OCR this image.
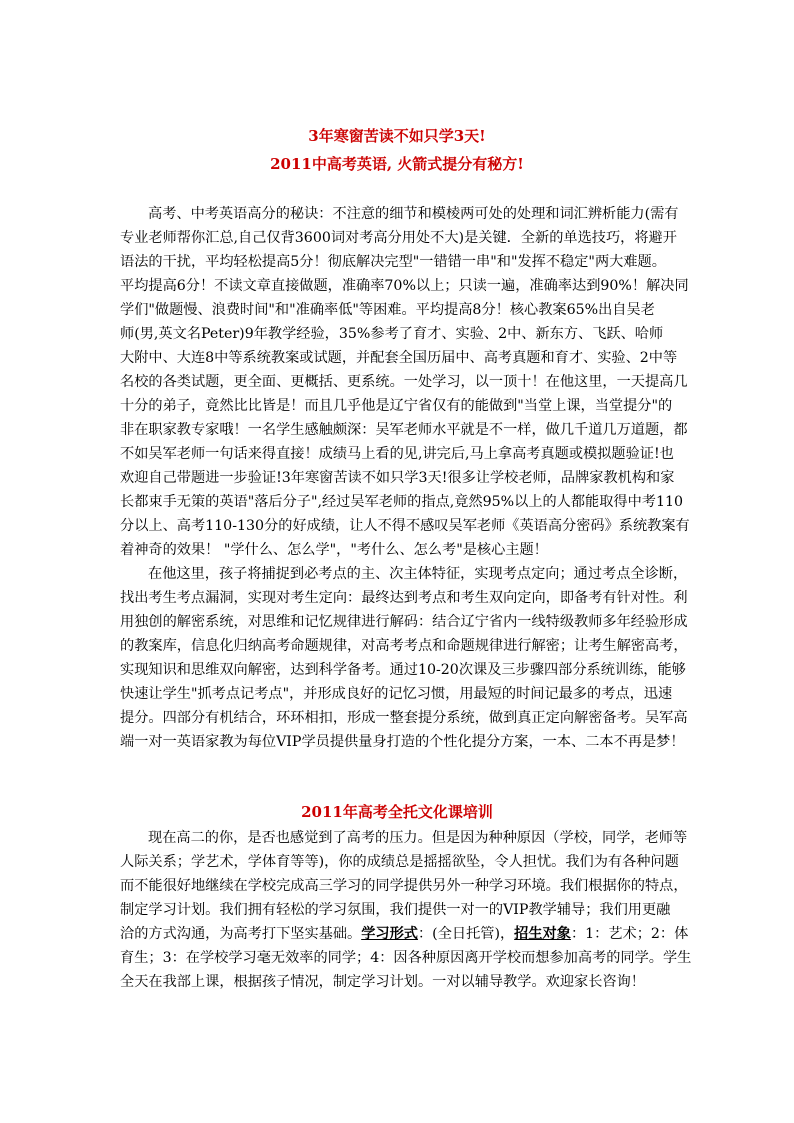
3年寒窗苦读不如只学3天!
2011中高考英语, 火箭式提分有秘方!
高考、中考英语高分的秘诀：不注意的细节和模棱两可处的处理和词汇辨析能力(需有
专业老师帮你汇总,自己仅背3600词对考高分用处不大)是关键．全新的单选技巧，将避开
语法的干扰，平均轻松提高5分！彻底解决完型"一错错一串"和"发挥不稳定"两大难题。
平均提高6分！不读文章直接做题，准确率70%以上；只读一遍，准确率达到90%！解决同
学们"做题慢、浪费时间"和"准确率低"等困难。平均提高8分！核心教案65%出自吴老
师(男,英文名Peter)9年教学经验，35%参考了育才、实验、2中、新东方、飞跃、哈师
大附中、大连8中等系统教案或试题，并配套全国历届中、高考真题和育才、实验、2中等
名校的各类试题，更全面、更概括、更系统。一处学习，以一顶十！在他这里，一天提高几
十分的弟子，竟然比比皆是！而且几乎他是辽宁省仅有的能做到"当堂上课，当堂提分"的
非在职家教专家哦！一名学生感触颇深：吴军老师水平就是不一样，做几千道几万道题，都
不如吴军老师一句话来得直接！成绩马上看的见,讲完后,马上拿高考真题或模拟题验证!也
欢迎自己带题进一步验证!3年寒窗苦读不如只学3天!很多让学校老师，品牌家教机构和家
长都束手无策的英语"落后分子",经过吴军老师的指点,竟然95%以上的人都能取得中考110
分以上、高考110-130分的好成绩，让人不得不感叹吴军老师《英语高分密码》系统教案有
着神奇的效果！ "学什么、怎么学"，"考什么、怎么考"是核心主题！
在他这里，孩子将捕捉到必考点的主、次主体特征，实现考点定向；通过考点全诊断，
找出考生考点漏洞，实现对考生定向：最终达到考点和考生双向定向，即备考有针对性。利
用独创的解密系统，对思维和记忆规律进行解码：结合辽宁省内一线特级教师多年经验形成
的教案库，信息化归纳高考命题规律，对高考考点和命题规律进行解密；让考生解密高考，
实现知识和思维双向解密，达到科学备考。通过10-20次课及三步骤四部分系统训练，能够
快速让学生"抓考点记考点"，并形成良好的记忆习惯，用最短的时间记最多的考点，迅速
提分。四部分有机结合，环环相扣，形成一整套提分系统，做到真正定向解密备考。吴军高
端一对一英语家教为每位VIP学员提供量身打造的个性化提分方案，一本、二本不再是梦！
2011年高考全托文化课培训
现在高二的你，是否也感觉到了高考的压力。但是因为种种原因（学校，同学，老师等
人际关系；学艺术，学体育等等)，你的成绩总是摇摇欲坠，令人担忧。我们为有各种问题
而不能很好地继续在学校完成高三学习的同学提供另外一种学习环境。我们根据你的特点，
制定学习计划。我们拥有轻松的学习氛围，我们提供一对一的VIP教学辅导；我们用更融
洽的方式沟通，为高考打下坚实基础。学习形式：(全日托管)，招生对象：1：艺术；2：体
育生；3：在学校学习毫无效率的同学；4：因各种原因离开学校而想参加高考的同学。学生
全天在我部上课，根据孩子情况，制定学习计划。一对以辅导教学。欢迎家长咨询！
